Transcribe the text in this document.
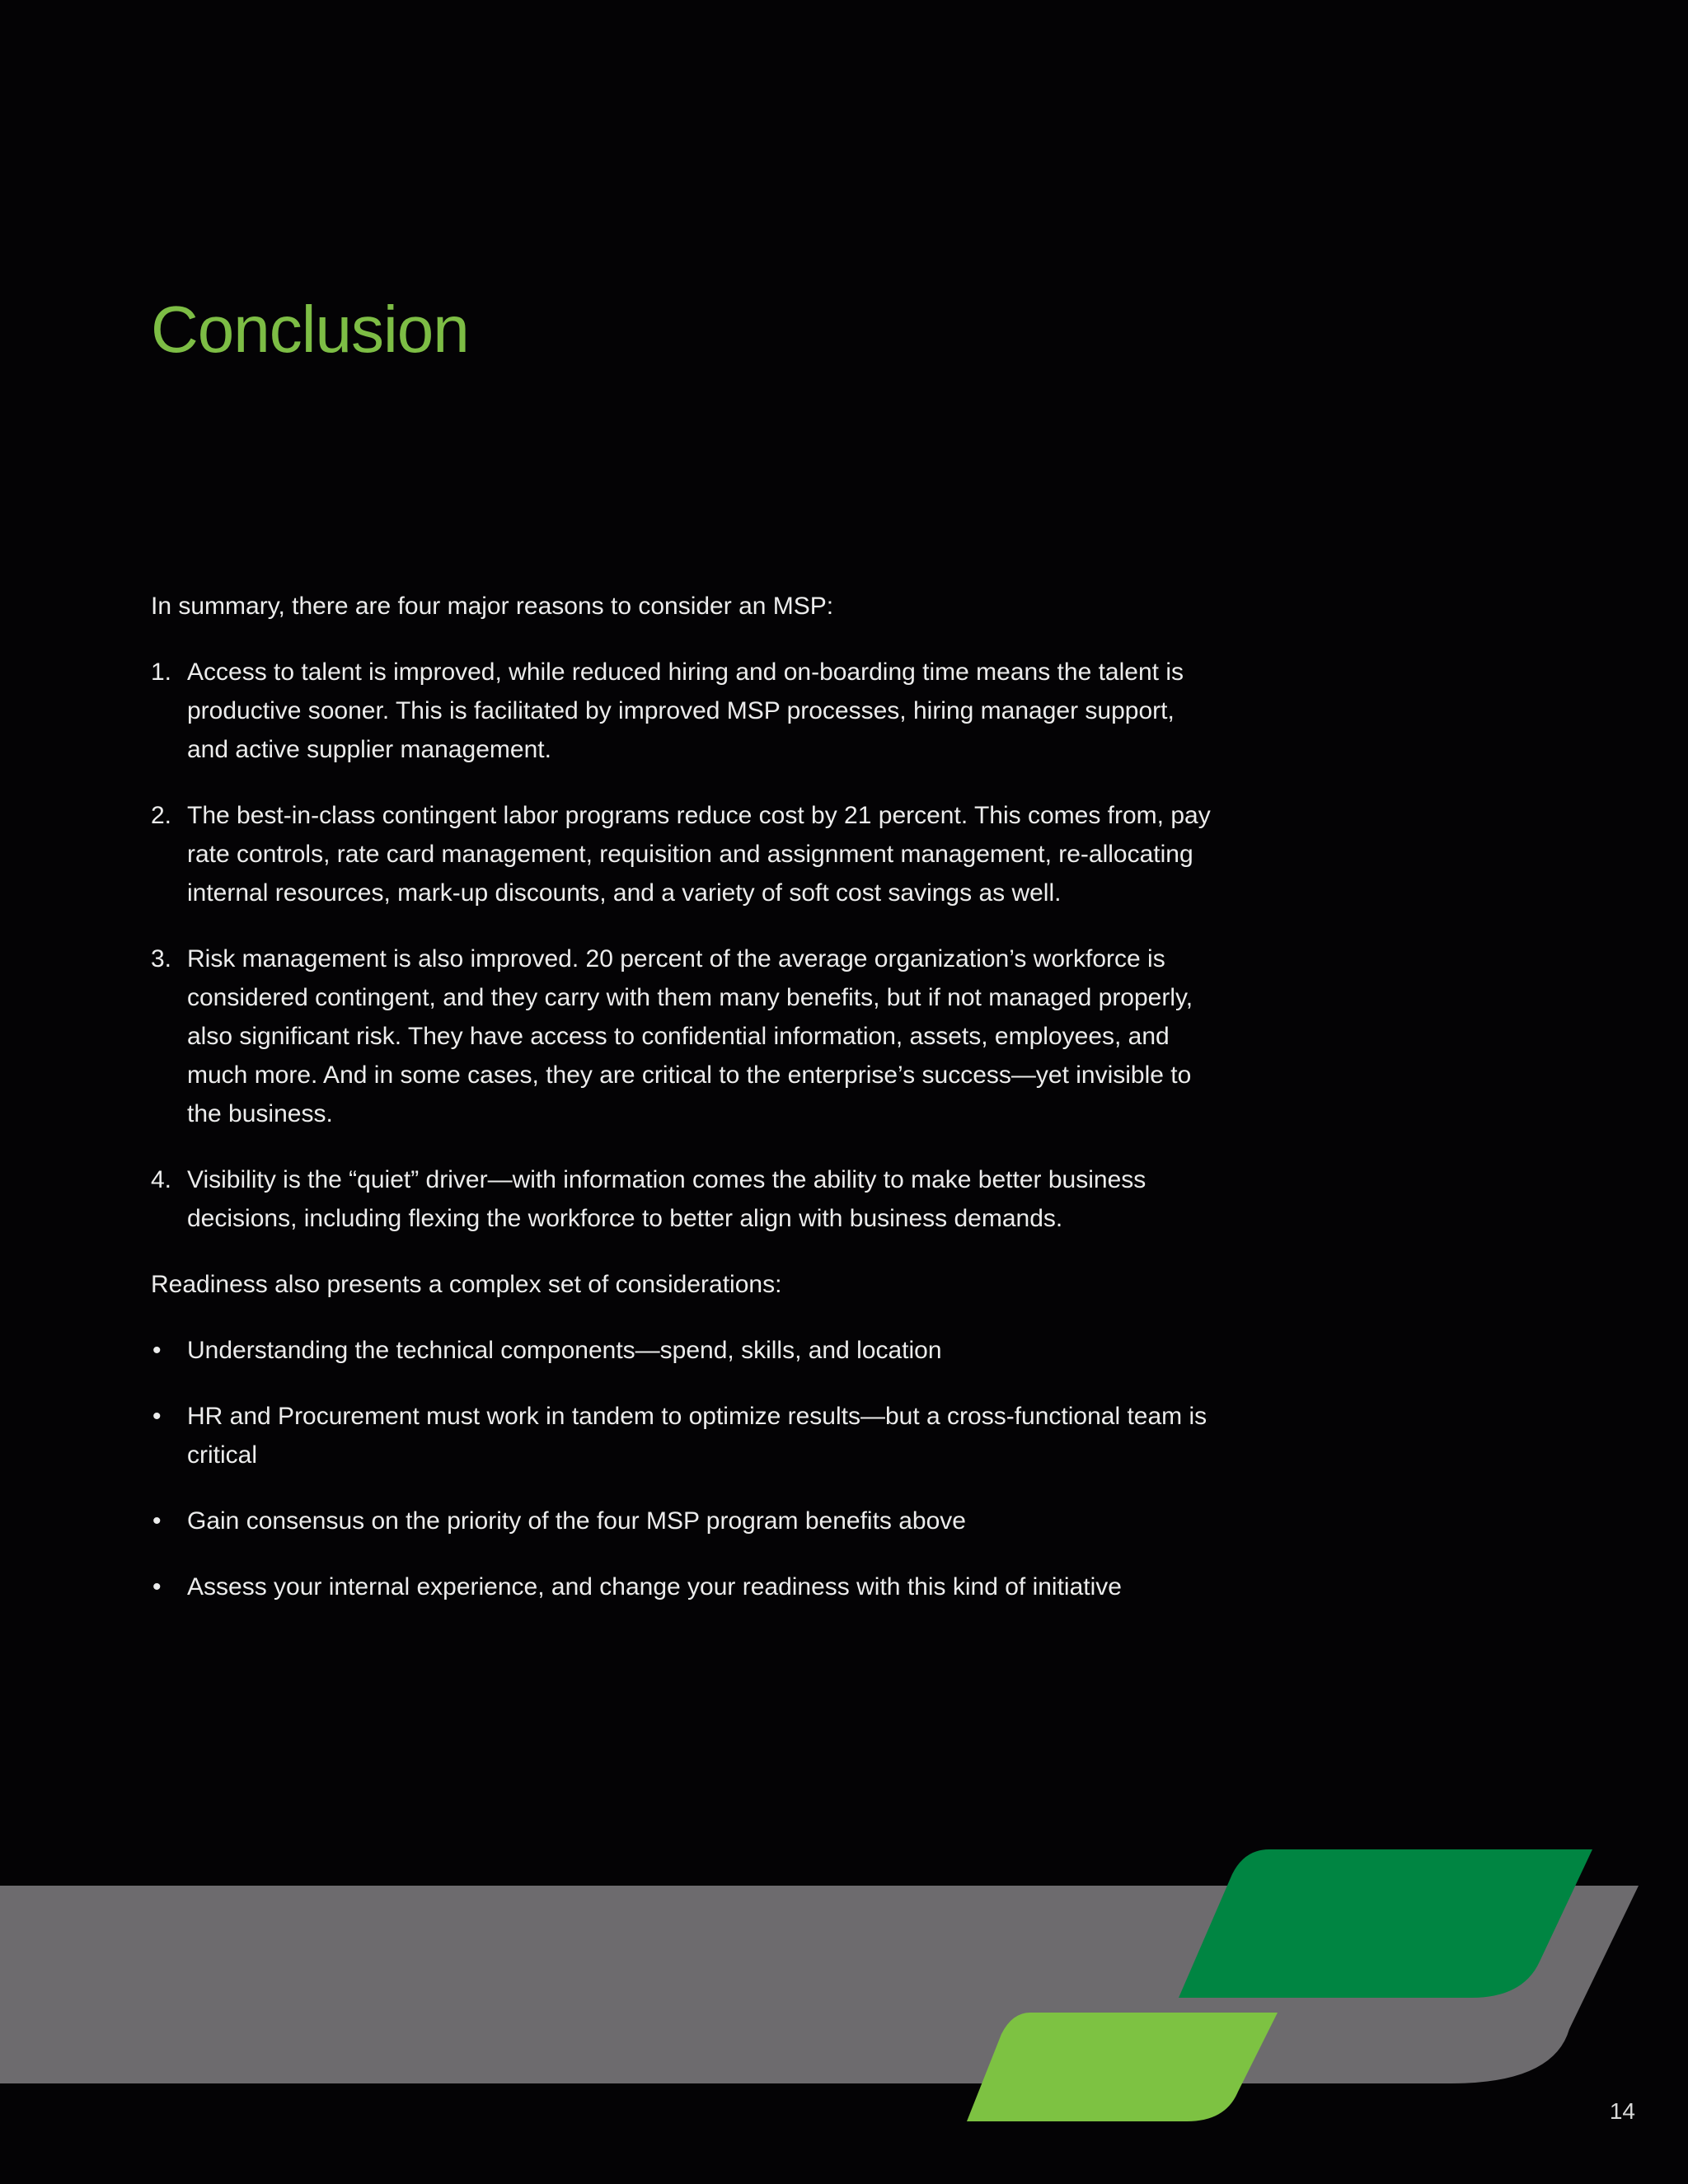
Conclusion

In summary, there are four major reasons to consider an MSP:

1. Access to talent is improved, while reduced hiring and on-boarding time means the talent is productive sooner. This is facilitated by improved MSP processes, hiring manager support, and active supplier management.
2. The best-in-class contingent labor programs reduce cost by 21 percent. This comes from, pay rate controls, rate card management, requisition and assignment management, re-allocating internal resources, mark-up discounts, and a variety of soft cost savings as well.
3. Risk management is also improved. 20 percent of the average organization’s workforce is considered contingent, and they carry with them many benefits, but if not managed properly, also significant risk. They have access to confidential information, assets, employees, and much more. And in some cases, they are critical to the enterprise’s success—yet invisible to the business.
4. Visibility is the “quiet” driver—with information comes the ability to make better business decisions, including flexing the workforce to better align with business demands.

Readiness also presents a complex set of considerations:

• Understanding the technical components—spend, skills, and location
• HR and Procurement must work in tandem to optimize results—but a cross-functional team is critical
• Gain consensus on the priority of the four MSP program benefits above
• Assess your internal experience, and change your readiness with this kind of initiative
14
